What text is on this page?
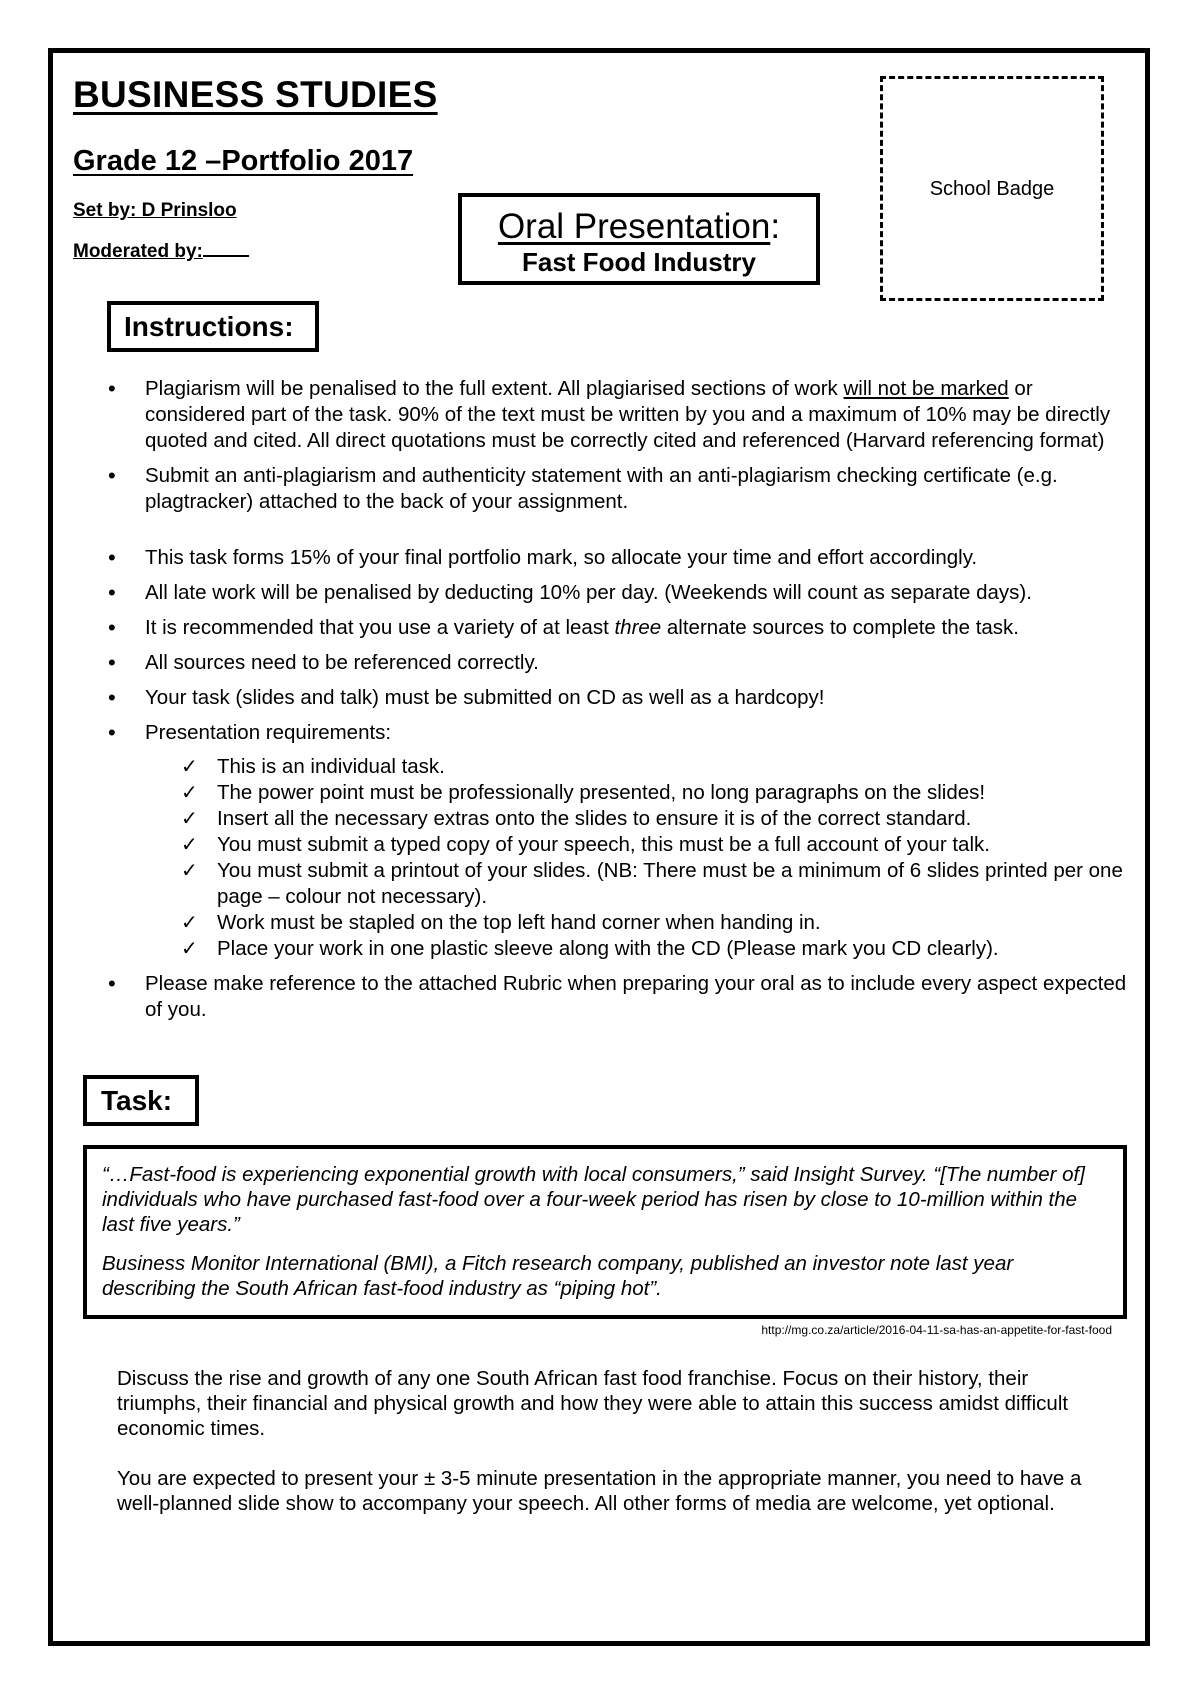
BUSINESS STUDIES
Grade 12 –Portfolio 2017
Set by: D Prinsloo
Moderated by:
Oral Presentation:
Fast Food Industry
School Badge
Instructions:
• Plagiarism will be penalised to the full extent. All plagiarised sections of work will not be marked or considered part of the task. 90% of the text must be written by you and a maximum of 10% may be directly quoted and cited. All direct quotations must be correctly cited and referenced (Harvard referencing format)
• Submit an anti-plagiarism and authenticity statement with an anti-plagiarism checking certificate (e.g. plagtracker) attached to the back of your assignment.
• This task forms 15% of your final portfolio mark, so allocate your time and effort accordingly.
• All late work will be penalised by deducting 10% per day. (Weekends will count as separate days).
• It is recommended that you use a variety of at least three alternate sources to complete the task.
• All sources need to be referenced correctly.
• Your task (slides and talk) must be submitted on CD as well as a hardcopy!
• Presentation requirements:
✓ This is an individual task.
✓ The power point must be professionally presented, no long paragraphs on the slides!
✓ Insert all the necessary extras onto the slides to ensure it is of the correct standard.
✓ You must submit a typed copy of your speech, this must be a full account of your talk.
✓ You must submit a printout of your slides. (NB: There must be a minimum of 6 slides printed per one page – colour not necessary).
✓ Work must be stapled on the top left hand corner when handing in.
✓ Place your work in one plastic sleeve along with the CD (Please mark you CD clearly).
• Please make reference to the attached Rubric when preparing your oral as to include every aspect expected of you.
Task:

“…Fast-food is experiencing exponential growth with local consumers,” said Insight Survey. “[The number of] individuals who have purchased fast-food over a four-week period has risen by close to 10-million within the last five years.”

Business Monitor International (BMI), a Fitch research company, published an investor note last year describing the South African fast-food industry as “piping hot”.

http://mg.co.za/article/2016-04-11-sa-has-an-appetite-for-fast-food

Discuss the rise and growth of any one South African fast food franchise. Focus on their history, their triumphs, their financial and physical growth and how they were able to attain this success amidst difficult economic times.

You are expected to present your ± 3-5 minute presentation in the appropriate manner, you need to have a well-planned slide show to accompany your speech. All other forms of media are welcome, yet optional.
